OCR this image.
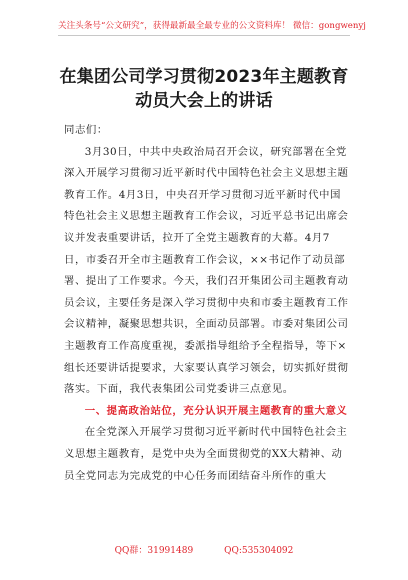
关注头条号“公文研究”，获得最新最全最专业的公文资料库！ 微信：gongwenyj
在集团公司学习贯彻2023年主题教育动员大会上的讲话

同志们：

3月30日，中共中央政治局召开会议，研究部署在全党深入开展学习贯彻习近平新时代中国特色社会主义思想主题教育工作。4月3日，中央召开学习贯彻习近平新时代中国特色社会主义思想主题教育工作会议，习近平总书记出席会议并发表重要讲话，拉开了全党主题教育的大幕。4月7日，市委召开全市主题教育工作会议，××书记作了动员部署、提出了工作要求。今天，我们召开集团公司主题教育动员会议，主要任务是深入学习贯彻中央和市委主题教育工作会议精神，凝聚思想共识，全面动员部署。市委对集团公司主题教育工作高度重视，委派指导组给予全程指导，等下×组长还要讲话提要求，大家要认真学习领会，切实抓好贯彻落实。下面，我代表集团公司党委讲三点意见。

一、提高政治站位，充分认识开展主题教育的重大意义

在全党深入开展学习贯彻习近平新时代中国特色社会主义思想主题教育，是党中央为全面贯彻党的XX大精神、动员全党同志为完成党的中心任务而团结奋斗所作的重大

QQ群：31991489	QQ:535304092
